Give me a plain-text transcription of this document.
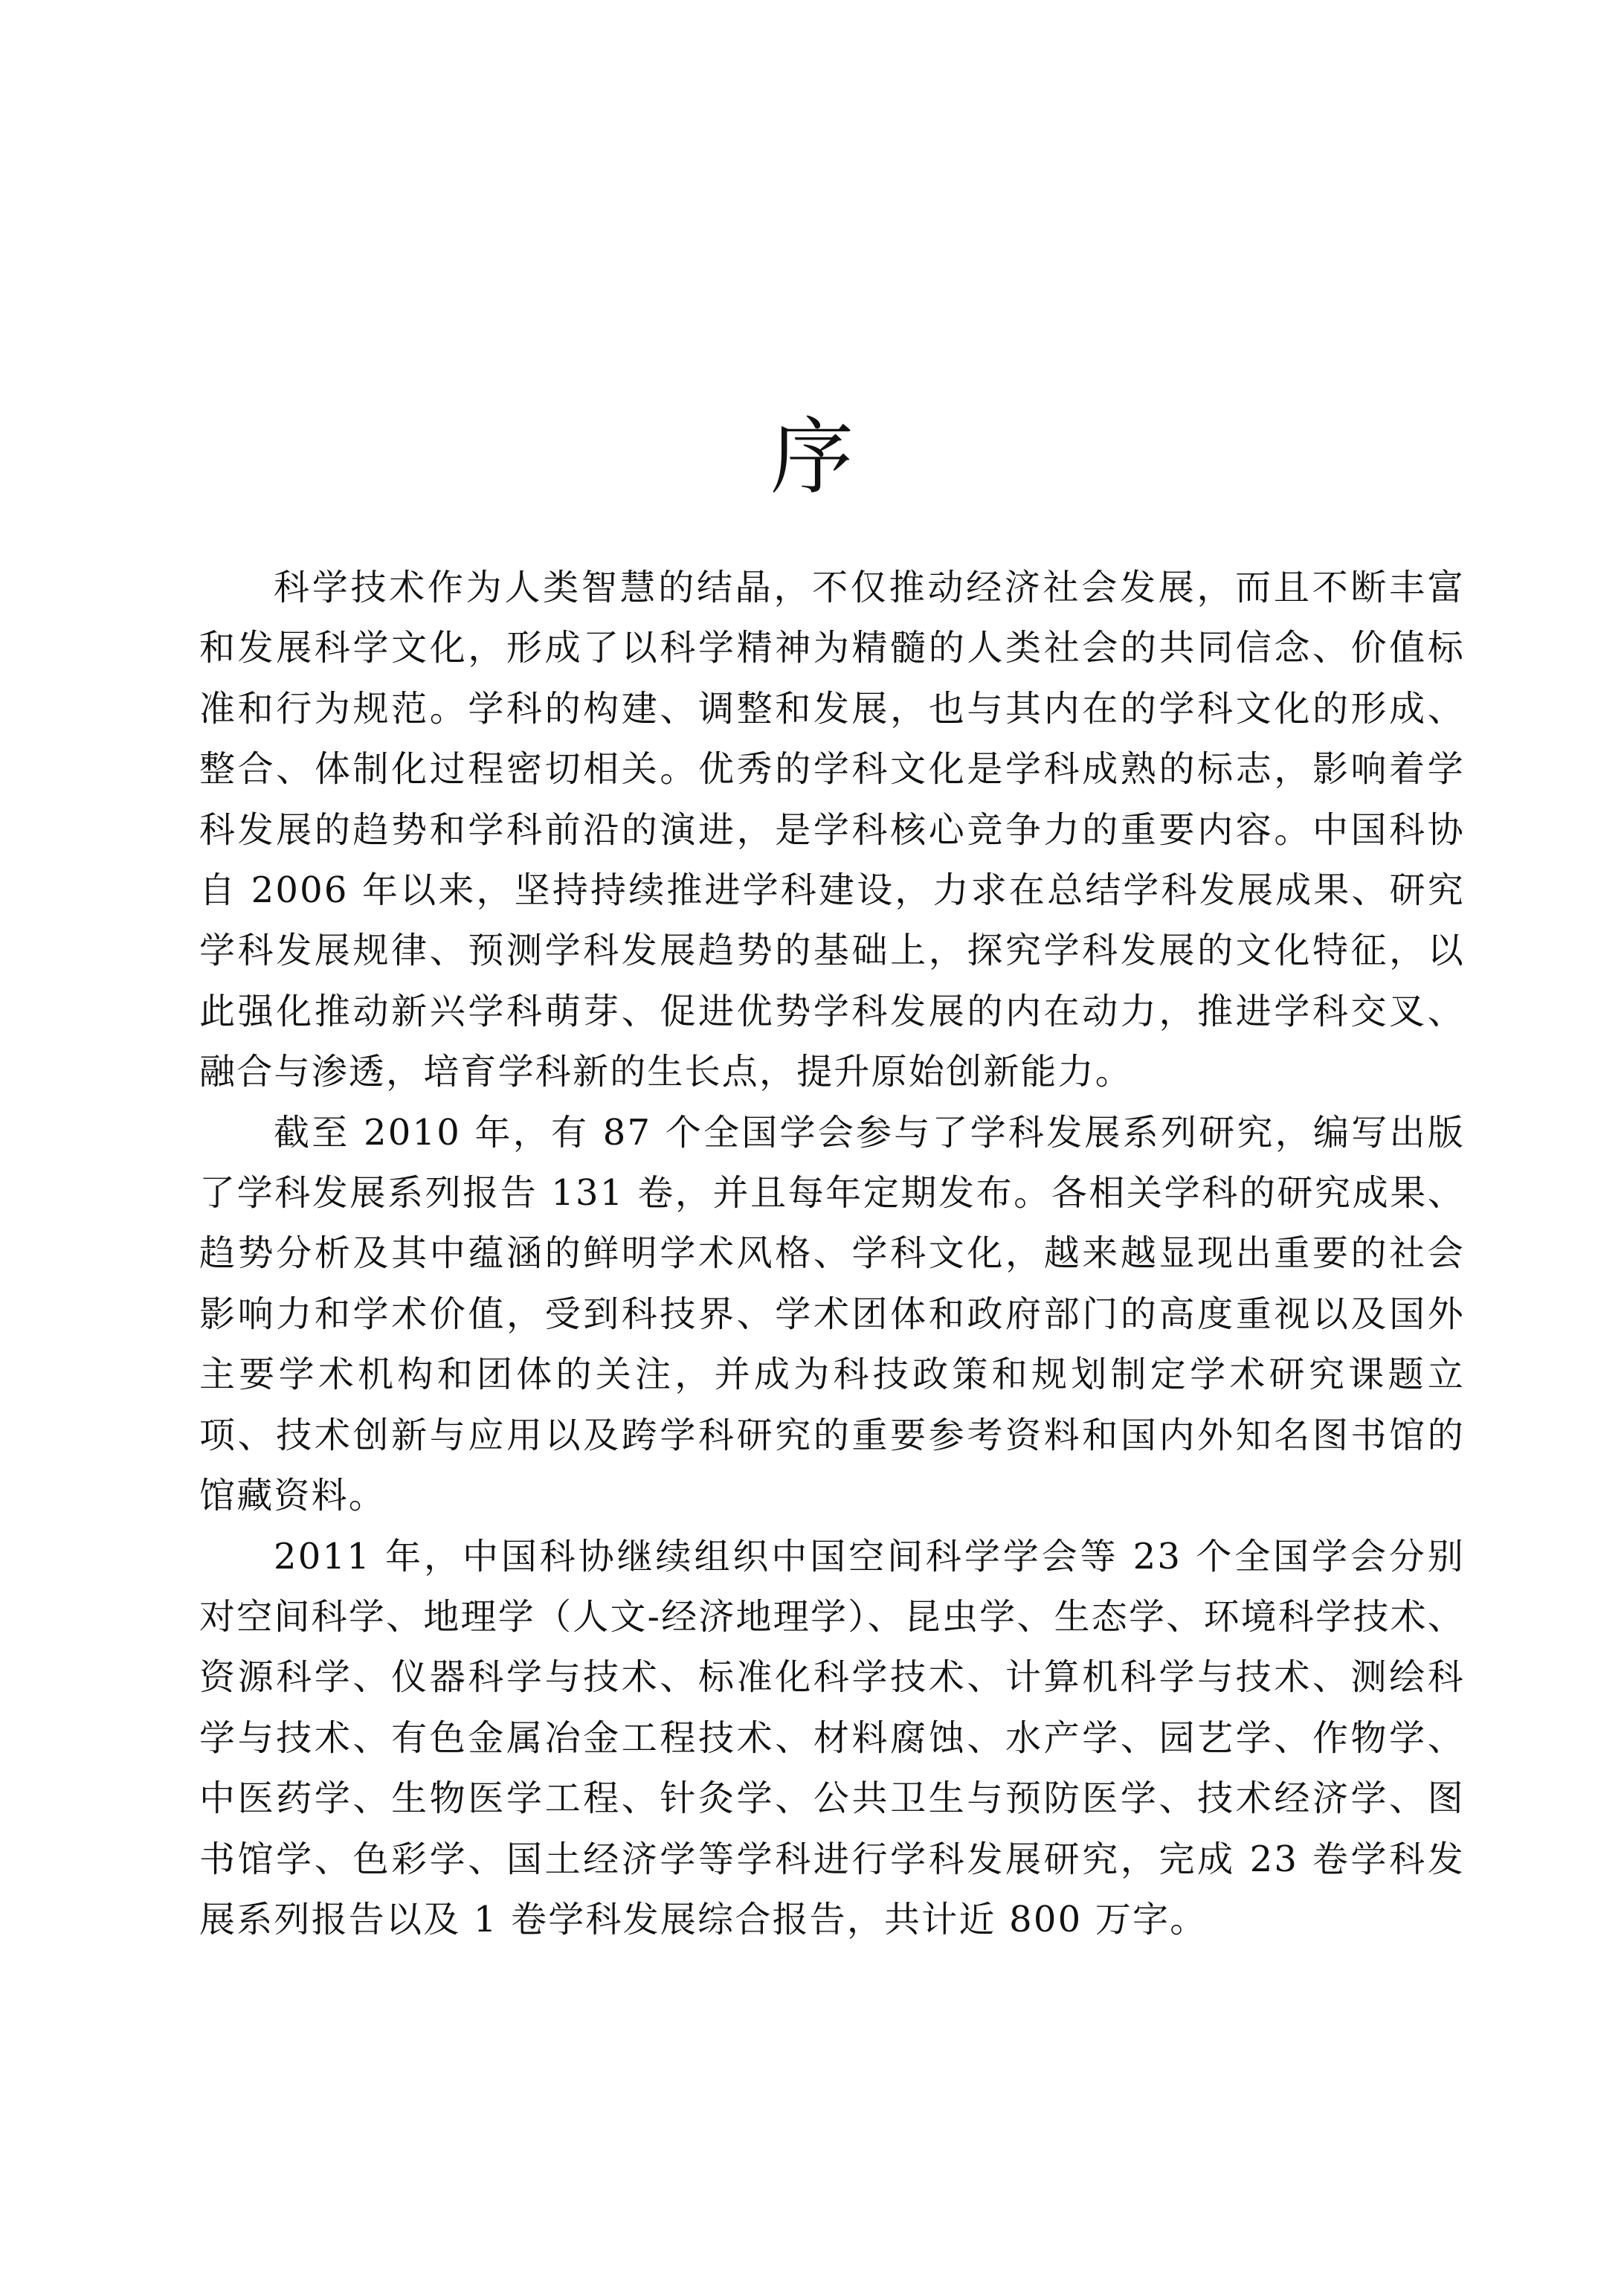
序

科学技术作为人类智慧的结晶，不仅推动经济社会发展，而且不断丰富和发展科学文化，形成了以科学精神为精髓的人类社会的共同信念、价值标准和行为规范。学科的构建、调整和发展，也与其内在的学科文化的形成、整合、体制化过程密切相关。优秀的学科文化是学科成熟的标志，影响着学科发展的趋势和学科前沿的演进，是学科核心竞争力的重要内容。中国科协自 2006 年以来，坚持持续推进学科建设，力求在总结学科发展成果、研究学科发展规律、预测学科发展趋势的基础上，探究学科发展的文化特征，以此强化推动新兴学科萌芽、促进优势学科发展的内在动力，推进学科交叉、融合与渗透，培育学科新的生长点，提升原始创新能力。

截至 2010 年，有 87 个全国学会参与了学科发展系列研究，编写出版了学科发展系列报告 131 卷，并且每年定期发布。各相关学科的研究成果、趋势分析及其中蕴涵的鲜明学术风格、学科文化，越来越显现出重要的社会影响力和学术价值，受到科技界、学术团体和政府部门的高度重视以及国外主要学术机构和团体的关注，并成为科技政策和规划制定学术研究课题立项、技术创新与应用以及跨学科研究的重要参考资料和国内外知名图书馆的馆藏资料。

2011 年，中国科协继续组织中国空间科学学会等 23 个全国学会分别对空间科学、地理学（人文-经济地理学）、昆虫学、生态学、环境科学技术、资源科学、仪器科学与技术、标准化科学技术、计算机科学与技术、测绘科学与技术、有色金属冶金工程技术、材料腐蚀、水产学、园艺学、作物学、中医药学、生物医学工程、针灸学、公共卫生与预防医学、技术经济学、图书馆学、色彩学、国土经济学等学科进行学科发展研究，完成 23 卷学科发展系列报告以及 1 卷学科发展综合报告，共计近 800 万字。
